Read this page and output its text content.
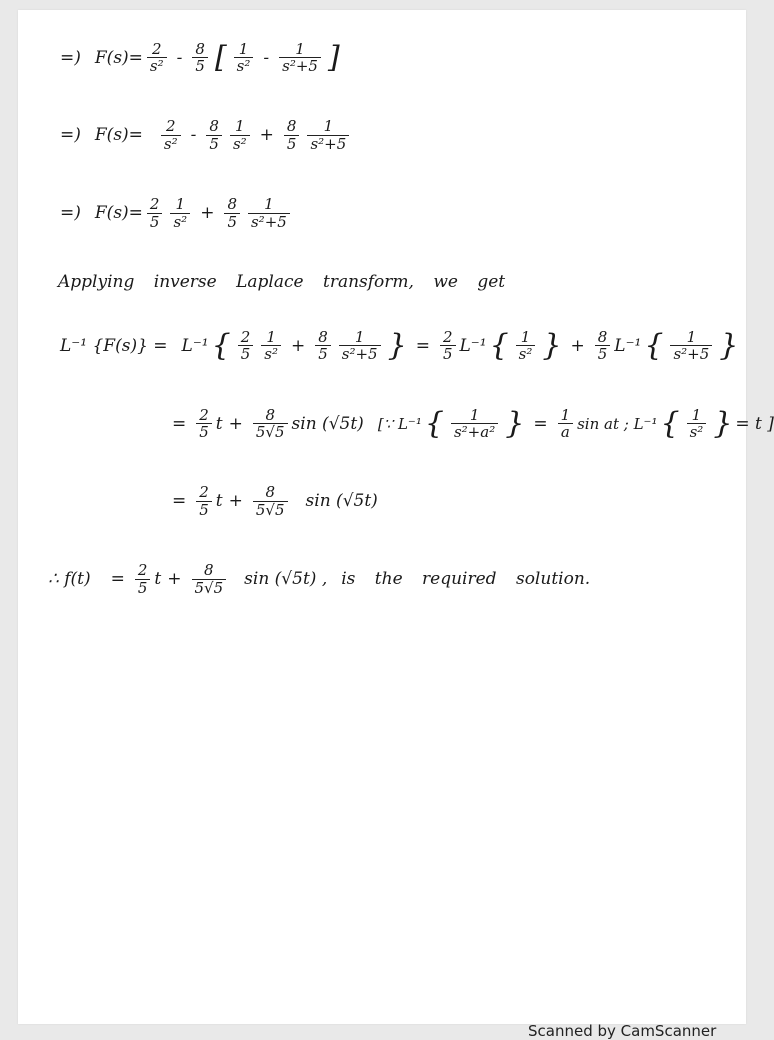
=) $F(s)= \frac{2}{\text{s²}} - \frac{8}{5}$ [ $\frac{1}{\text{s²}} - \frac{1}{\text{s²+5}}$ ]
=) $F(s)= \frac{2}{\text{s²}} - \frac{8}{5} \frac{1}{\text{s²}} + \frac{8}{5} \frac{1}{\text{s²+5}}$
=) $F(s)= \frac{2}{5} \frac{1}{\text{s²}} + \frac{8}{5} \frac{1}{\text{s²+5}}$
Applying inverse Laplace transform, we get
L⁻¹ {F(s)} = L⁻¹ { $\frac{2}{5} \frac{1}{\text{s²}} + \frac{8}{5} \frac{1}{\text{s²+5}}$ } = $\frac{2}{5} L^{-1}$ { $\frac{1}{\text{s²}}$ } + $\frac{8}{5} L^{-1}$ { $\frac{1}{\text{s²+5}}$ }
= $\frac{2}{5}$ $t + \frac{8}{5√5}$ sin (√5t) [∵ L⁻¹ { $\frac{1}{\text{s²+a²}}$ } = $\frac{1}{a}$ sin at ; L⁻¹ { $\frac{1}{\text{s²}}$ } = t ]
= $\frac{2}{5}$ $t + \frac{8}{5√5}$ sin (√5t)
∴ $f(t) = \frac{2}{5}$ $t + \frac{8}{5√5}$ sin (√5t) , is the required solution.
Scanned by CamScanner
